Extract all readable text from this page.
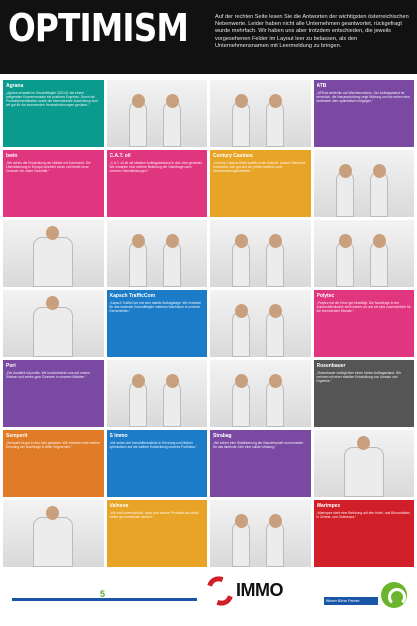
OPTIMISM	Auf der rechten Seite lesen Sie die Antworten der wichtigsten österreichischen Nebenwerte. Leider haben nicht alle Unternehmen geantwortet, rückgefragt wurde mehrfach. Wir haben uns aber trotzdem entschieden, die jeweils vorgesehenen Felder im Layout leer zu belassen, als den Unternehmensnamen mit Leermeldung zu bringen.

Agrana
„Agrana erwartet im Geschäftsjahr 2010/11 bei einem steigenden Konzernumsatz ein positives Ergebnis. Durch die Produktdiversifikation sowie die internationale Ausrichtung sind wir gut für die kommenden Herausforderungen gerüstet.“
ATB
„ATB ist weiterhin auf Wachstumskurs. Der Auftragsstand ist erfreulich, die Neuausrichtung zeigt Wirkung und wir sehen dem laufenden Jahr optimistisch entgegen.“
bwin
„Wir sehen die Entwicklung der Märkte mit Zuversicht. Die Liberalisierung in Europa schreitet voran und bietet neue Chancen für unser Geschäft.“
C.A.T. oil
„C.A.T. oil ist mit starkem Auftragsbestand in das Jahr gestartet. Wir erwarten eine weitere Belebung der Nachfrage nach unseren Dienstleistungen.“
Century Casinos
„Century Casinos blickt positiv in die Zukunft. Unsere Standorte entwickeln sich gut und wir prüfen laufend neue Wachstumsmöglichkeiten.“
Kapsch TrafficCom
„Kapsch TrafficCom hat eine stabile Auftragslage. Wir erwarten für das laufende Geschäftsjahr weiteres Wachstum in unseren Kernmärkten.“
Polytec
„Polytec hat die Krise gut bewältigt. Die Nachfrage in der Automobilindustrie zieht wieder an und wir sind zuversichtlich für die kommenden Monate.“
Pori
„Der Ausblick ist positiv. Wir konzentrieren uns auf unsere Stärken und sehen gute Chancen in unseren Märkten.“
Rosenbauer
„Rosenbauer verfügt über einen hohen Auftragsstand. Wir rechnen mit einer stabilen Entwicklung von Umsatz und Ergebnis.“
Semperit
„Semperit ist gut in das Jahr gestartet. Wir erwarten eine weitere Erholung der Nachfrage in allen Segmenten.“
S Immo
„Wir sehen die Immobilienmärkte in Erholung und blicken optimistisch auf die weitere Entwicklung unseres Portfolios.“
Strabag
„Wir sehen eine Stabilisierung der Bauwirtschaft und erwarten für das laufende Jahr eine solide Leistung.“
Valneva
„Wir sind zuversichtlich, dass sich unsere Produkte am Markt weiter gut entwickeln werden.“
Warimpex
„Warimpex sieht eine Belebung auf den Hotel- und Büromärkten in Zentral- und Osteuropa.“
5	IMMO
Wiener Börse Partner
